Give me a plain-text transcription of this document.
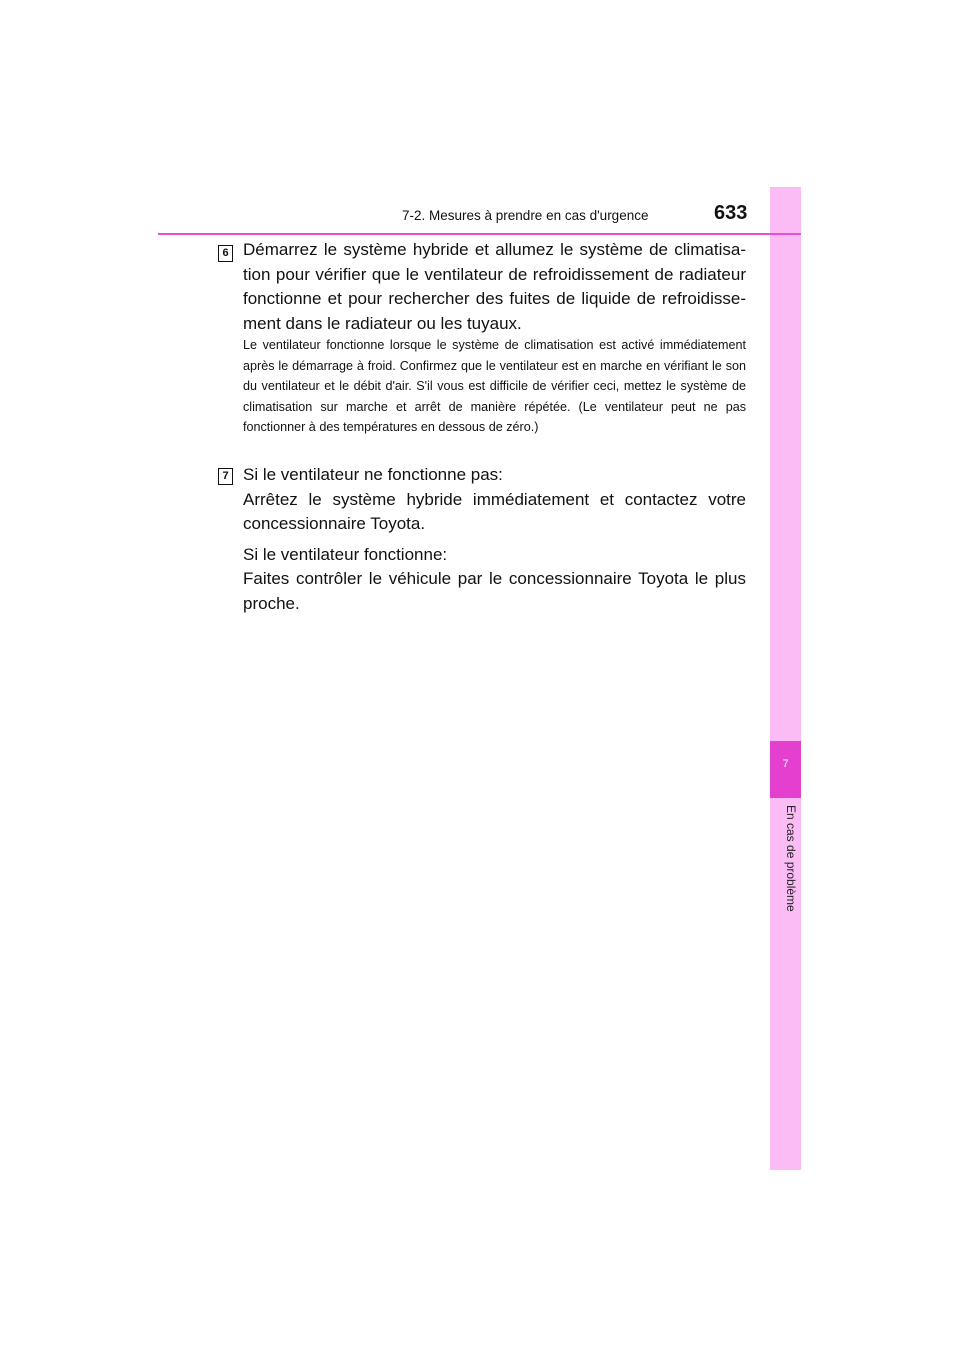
7
En cas de problème
7-2. Mesures à prendre en cas d'urgence	633
6 Démarrez le système hybride et allumez le système de climatisa-tion pour vérifier que le ventilateur de refroidissement de radiateur fonctionne et pour rechercher des fuites de liquide de refroidisse-ment dans le radiateur ou les tuyaux.

Le ventilateur fonctionne lorsque le système de climatisation est activé immédiatement après le démarrage à froid. Confirmez que le ventilateur est en marche en vérifiant le son du ventilateur et le débit d'air. S'il vous est difficile de vérifier ceci, mettez le système de climatisation sur marche et arrêt de manière répétée. (Le ventilateur peut ne pas fonctionner à des températures en dessous de zéro.)

7 Si le ventilateur ne fonctionne pas:

Arrêtez le système hybride immédiatement et contactez votre concessionnaire Toyota.

Si le ventilateur fonctionne:

Faites contrôler le véhicule par le concessionnaire Toyota le plus proche.
